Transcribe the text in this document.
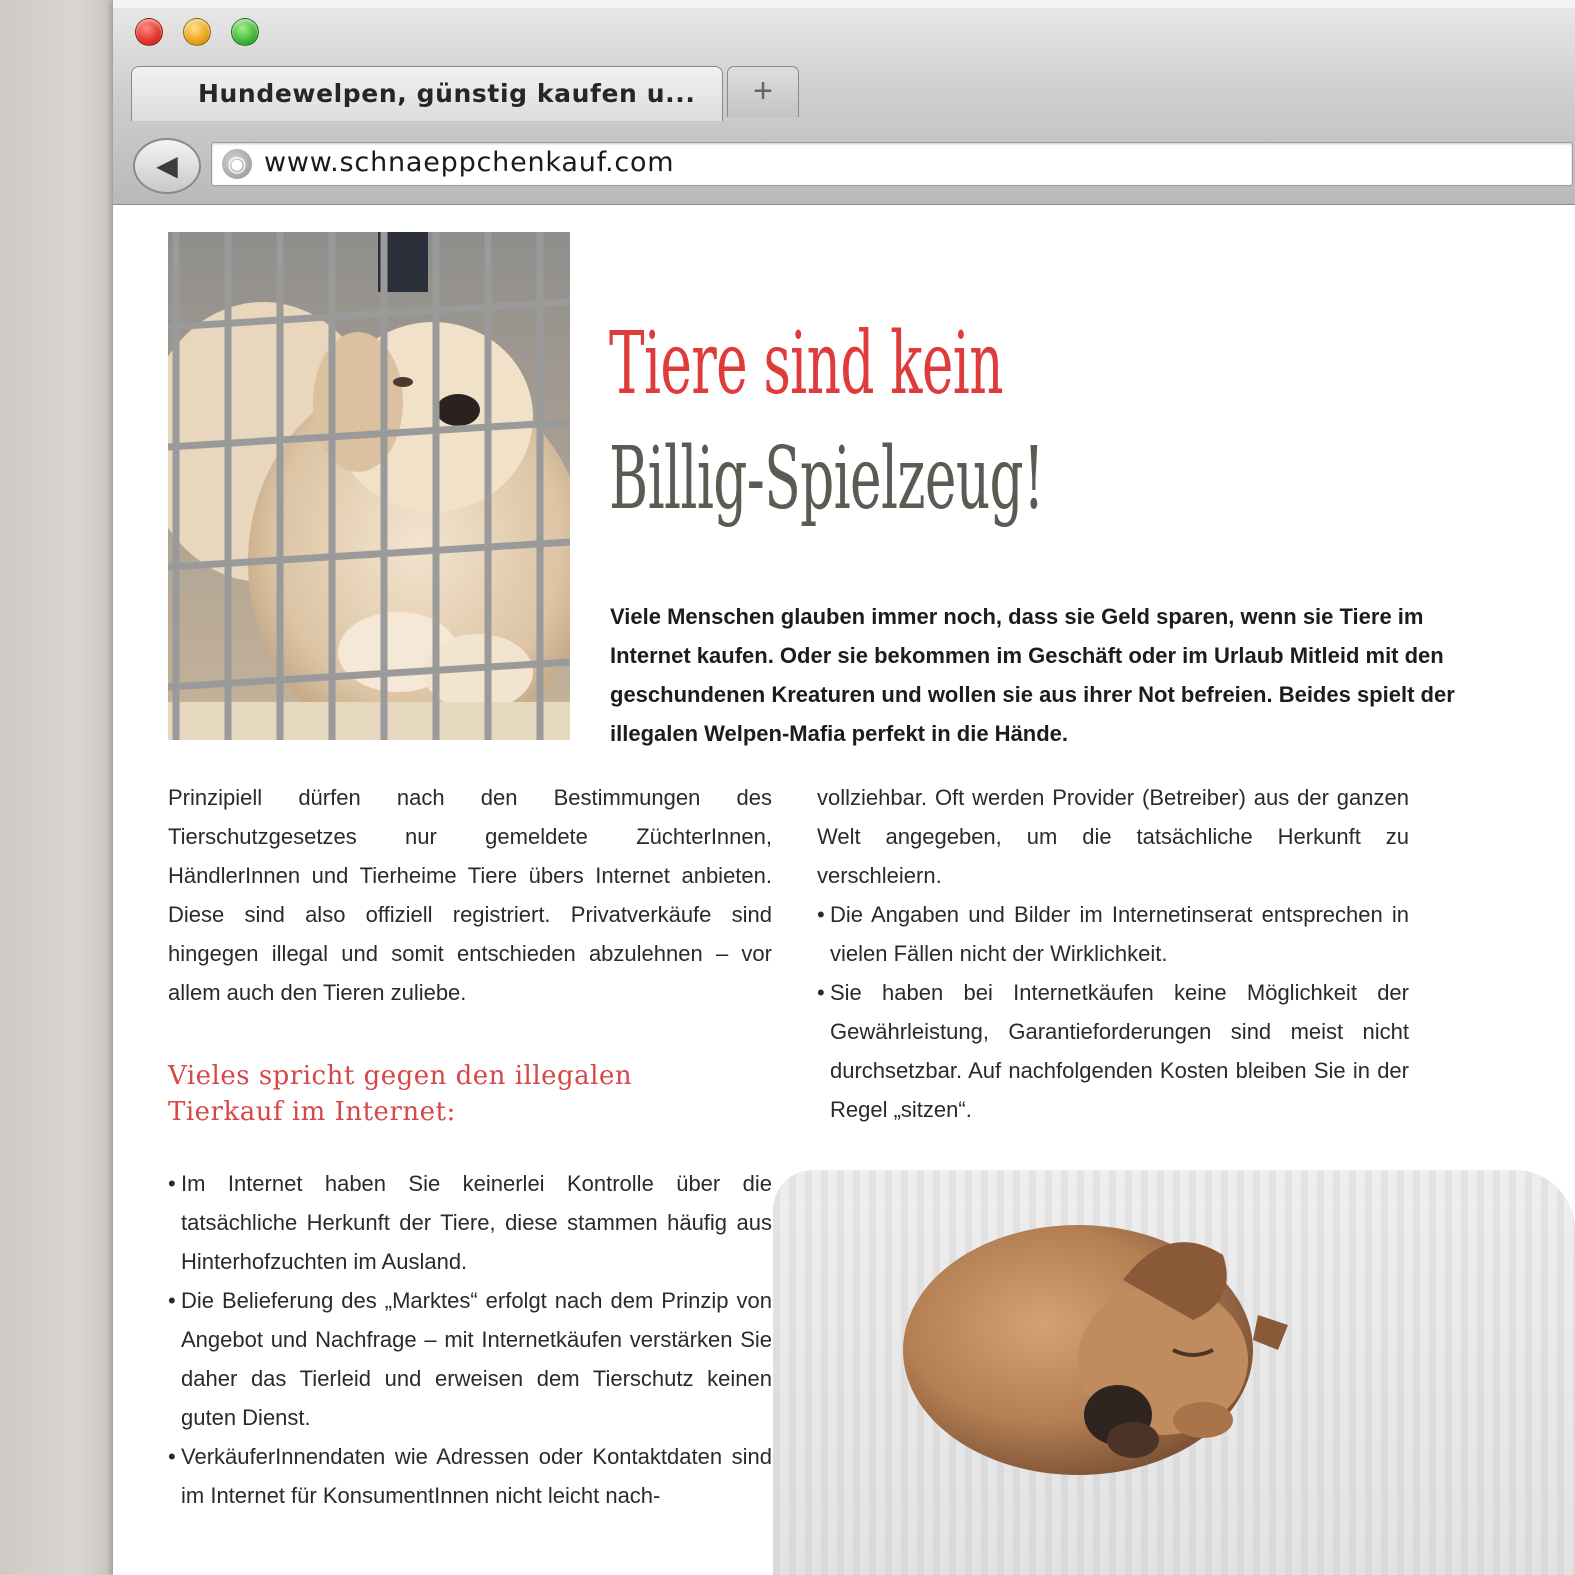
Hundewelpen, günstig kaufen u...	+
◀	◉ www.schnaeppchenkauf.com
Tiere sind kein
Billig-Spielzeug!

Viele Menschen glauben immer noch, dass sie Geld sparen, wenn sie Tiere im Internet kaufen. Oder sie bekommen im Geschäft oder im Urlaub Mitleid mit den geschundenen Kreaturen und wollen sie aus ihrer Not befreien. Beides spielt der illegalen Welpen-Mafia perfekt in die Hände.

Prinzipiell dürfen nach den Bestimmungen des Tierschutzgesetzes nur gemeldete ZüchterInnen, HändlerInnen und Tierheime Tiere übers Internet anbieten. Diese sind also offiziell registriert. Privatverkäufe sind hingegen illegal und somit entschieden abzulehnen – vor allem auch den Tieren zuliebe.

Vieles spricht gegen den illegalen
Tierkauf im Internet:
• Im Internet haben Sie keinerlei Kontrolle über die tatsächliche Herkunft der Tiere, diese stammen häufig aus Hinterhofzuchten im Ausland.
• Die Belieferung des „Marktes“ erfolgt nach dem Prinzip von Angebot und Nachfrage – mit Internetkäufen verstärken Sie daher das Tierleid und erweisen dem Tierschutz keinen guten Dienst.
• VerkäuferInnendaten wie Adressen oder Kontaktdaten sind im Internet für KonsumentInnen nicht leicht nach-

vollziehbar. Oft werden Provider (Betreiber) aus der ganzen Welt angegeben, um die tatsächliche Herkunft zu verschleiern.

• Die Angaben und Bilder im Internetinserat entsprechen in vielen Fällen nicht der Wirklichkeit.
• Sie haben bei Internetkäufen keine Möglichkeit der Gewährleistung, Garantieforderungen sind meist nicht durchsetzbar. Auf nachfolgenden Kosten bleiben Sie in der Regel „sitzen“.
